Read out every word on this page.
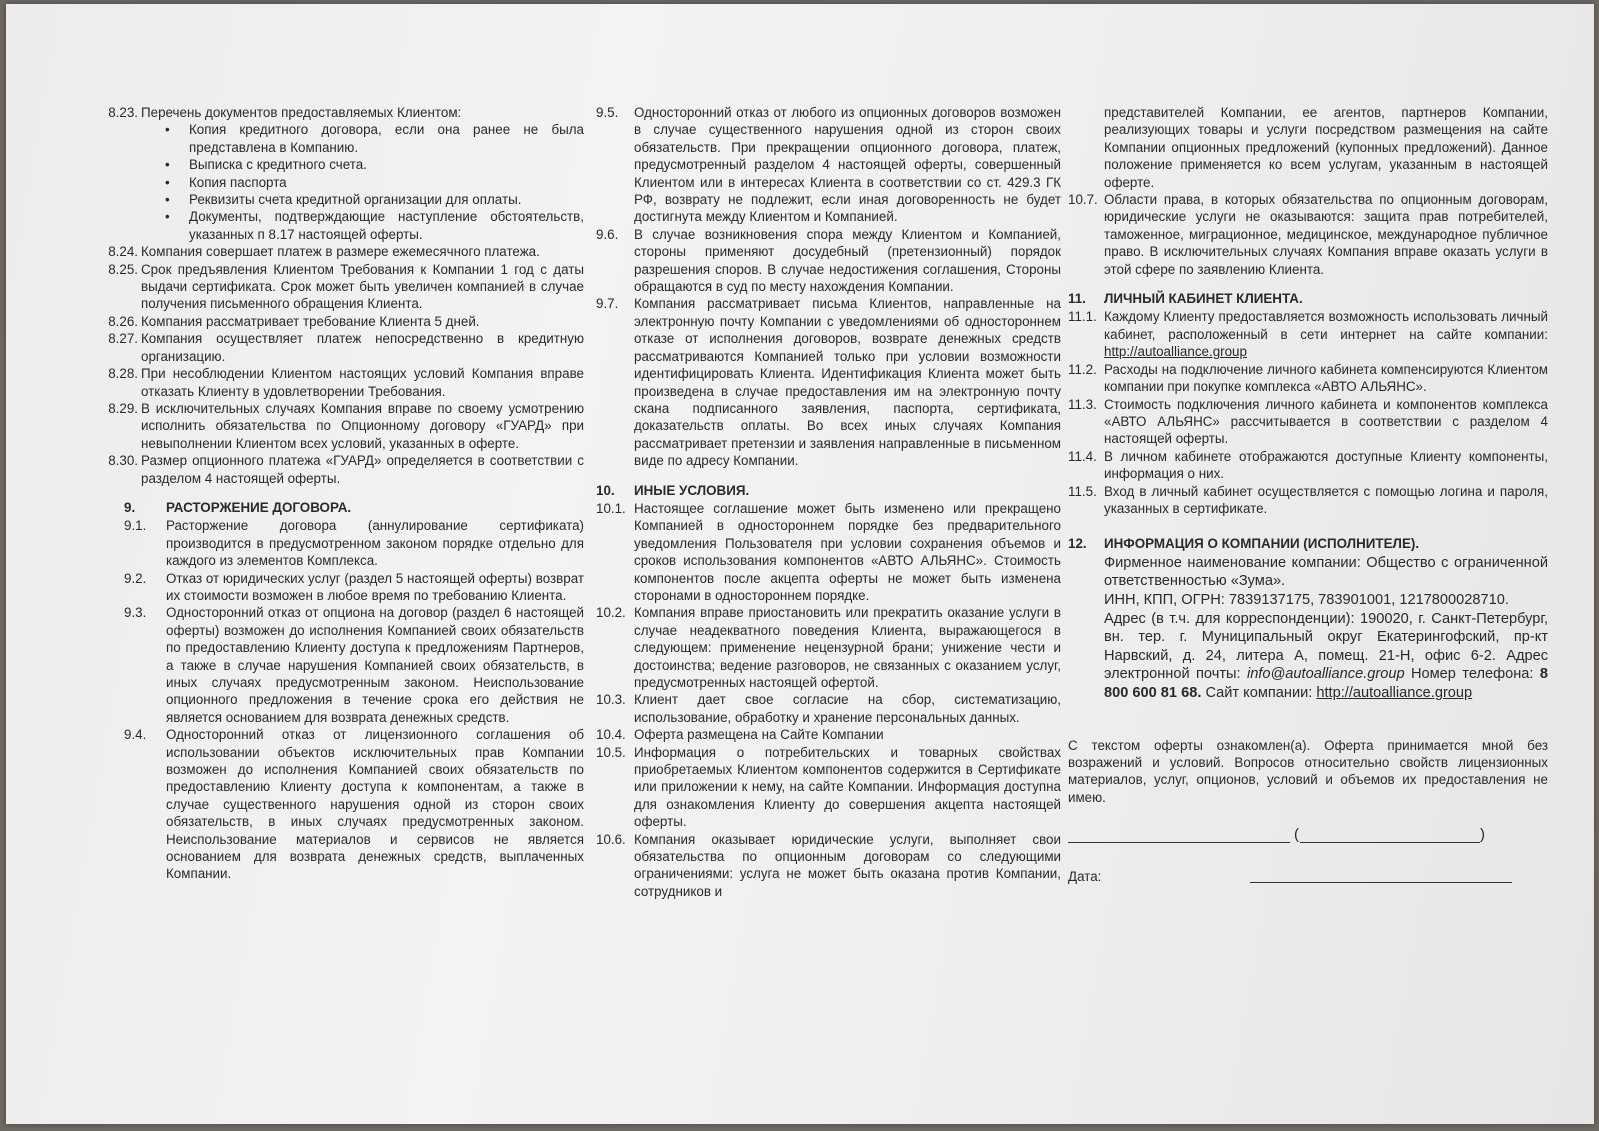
8.23. Перечень документов предоставляемых Клиентом:
• Копия кредитного договора, если она ранее не была представлена в Компанию.
• Выписка с кредитного счета.
• Копия паспорта
• Реквизиты счета кредитной организации для оплаты.
• Документы, подтверждающие наступление обстоятельств, указанных п 8.17 настоящей оферты.
8.24. Компания совершает платеж в размере ежемесячного платежа.
8.25. Срок предъявления Клиентом Требования к Компании 1 год с даты выдачи сертификата. Срок может быть увеличен компанией в случае получения письменного обращения Клиента.
8.26. Компания рассматривает требование Клиента 5 дней.
8.27. Компания осуществляет платеж непосредственно в кредитную организацию.
8.28. При несоблюдении Клиентом настоящих условий Компания вправе отказать Клиенту в удовлетворении Требования.
8.29. В исключительных случаях Компания вправе по своему усмотрению исполнить обязательства по Опционному договору «ГУАРД» при невыполнении Клиентом всех условий, указанных в оферте.
8.30. Размер опционного платежа «ГУАРД» определяется в соответствии с разделом 4 настоящей оферты.
9.	РАСТОРЖЕНИЕ ДОГОВОРА.
9.1.	Расторжение договора (аннулирование сертификата) производится в предусмотренном законом порядке отдельно для каждого из элементов Комплекса.
9.2.	Отказ от юридических услуг (раздел 5 настоящей оферты) возврат их стоимости возможен в любое время по требованию Клиента.
9.3.	Односторонний отказ от опциона на договор (раздел 6 настоящей оферты) возможен до исполнения Компанией своих обязательств по предоставлению Клиенту доступа к предложениям Партнеров, а также в случае нарушения Компанией своих обязательств, в иных случаях предусмотренным законом. Неиспользование опционного предложения в течение срока его действия не является основанием для возврата денежных средств.
9.4.	Односторонний отказ от лицензионного соглашения об использовании объектов исключительных прав Компании возможен до исполнения Компанией своих обязательств по предоставлению Клиенту доступа к компонентам, а также в случае существенного нарушения одной из сторон своих обязательств, в иных случаях предусмотренных законом. Неиспользование материалов и сервисов не является основанием для возврата денежных средств, выплаченных Компании.
9.5.	Односторонний отказ от любого из опционных договоров возможен в случае существенного нарушения одной из сторон своих обязательств. При прекращении опционного договора, платеж, предусмотренный разделом 4 настоящей оферты, совершенный Клиентом или в интересах Клиента в соответствии со ст. 429.3 ГК РФ, возврату не подлежит, если иная договоренность не будет достигнута между Клиентом и Компанией.
9.6.	В случае возникновения спора между Клиентом и Компанией, стороны применяют досудебный (претензионный) порядок разрешения споров. В случае недостижения соглашения, Стороны обращаются в суд по месту нахождения Компании.
9.7.	Компания рассматривает письма Клиентов, направленные на электронную почту Компании с уведомлениями об одностороннем отказе от исполнения договоров, возврате денежных средств рассматриваются Компанией только при условии возможности идентифицировать Клиента. Идентификация Клиента может быть произведена в случае предоставления им на электронную почту скана подписанного заявления, паспорта, сертификата, доказательств оплаты. Во всех иных случаях Компания рассматривает претензии и заявления направленные в письменном виде по адресу Компании.
10.	ИНЫЕ УСЛОВИЯ.
10.1. Настоящее соглашение может быть изменено или прекращено Компанией в одностороннем порядке без предварительного уведомления Пользователя при условии сохранения объемов и сроков использования компонентов «АВТО АЛЬЯНС». Стоимость компонентов после акцепта оферты не может быть изменена сторонами в одностороннем порядке.
10.2. Компания вправе приостановить или прекратить оказание услуги в случае неадекватного поведения Клиента, выражающегося в следующем: применение нецензурной брани; унижение чести и достоинства; ведение разговоров, не связанных с оказанием услуг, предусмотренных настоящей офертой.
10.3. Клиент дает свое согласие на сбор, систематизацию, использование, обработку и хранение персональных данных.
10.4. Оферта размещена на Сайте Компании
10.5. Информация о потребительских и товарных свойствах приобретаемых Клиентом компонентов содержится в Сертификате или приложении к нему, на сайте Компании. Информация доступна для ознакомления Клиенту до совершения акцепта настоящей оферты.
10.6. Компания оказывает юридические услуги, выполняет свои обязательства по опционным договорам со следующими ограничениями: услуга не может быть оказана против Компании, сотрудников и
представителей Компании, ее агентов, партнеров Компании, реализующих товары и услуги посредством размещения на сайте Компании опционных предложений (купонных предложений). Данное положение применяется ко всем услугам, указанным в настоящей оферте.
10.7. Области права, в которых обязательства по опционным договорам, юридические услуги не оказываются: защита прав потребителей, таможенное, миграционное, медицинское, международное публичное право. В исключительных случаях Компания вправе оказать услуги в этой сфере по заявлению Клиента.
11.	ЛИЧНЫЙ КАБИНЕТ КЛИЕНТА.
11.1. Каждому Клиенту предоставляется возможность использовать личный кабинет, расположенный в сети интернет на сайте компании: http://autoalliance.group
11.2. Расходы на подключение личного кабинета компенсируются Клиентом компании при покупке комплекса «АВТО АЛЬЯНС».
11.3. Стоимость подключения личного кабинета и компонентов комплекса «АВТО АЛЬЯНС» рассчитывается в соответствии с разделом 4 настоящей оферты.
11.4. В личном кабинете отображаются доступные Клиенту компоненты, информация о них.
11.5. Вход в личный кабинет осуществляется с помощью логина и пароля, указанных в сертификате.
12.	ИНФОРМАЦИЯ О КОМПАНИИ (ИСПОЛНИТЕЛЕ).
Фирменное наименование компании: Общество с ограниченной ответственностью «Зума».
ИНН, КПП, ОГРН: 7839137175, 783901001, 1217800028710.
Адрес (в т.ч. для корреспонденции): 190020, г. Санкт-Петербург, вн. тер. г. Муниципальный округ Екатерингофский, пр-кт Нарвский, д. 24, литера А, помещ. 21-Н, офис 6-2. Адрес электронной почты: info@autoalliance.group Номер телефона: 8 800 600 81 68. Сайт компании: http://autoalliance.group
С текстом оферты ознакомлен(а). Оферта принимается мной без возражений и условий. Вопросов относительно свойств лицензионных материалов, услуг, опционов, условий и объемов их предоставления не имею.
(	)
Дата:
